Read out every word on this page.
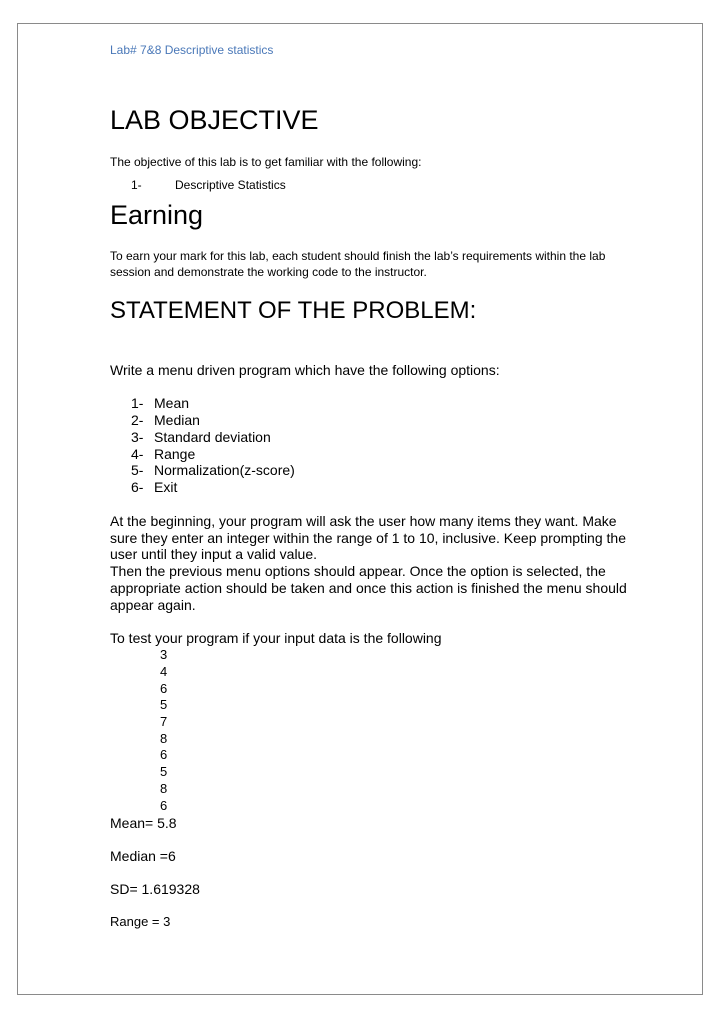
Lab# 7&8 Descriptive statistics
LAB OBJECTIVE
The objective of this lab is to get familiar with the following:
1-	Descriptive Statistics
Earning
To earn your mark for this lab, each student should finish the lab’s requirements within the lab
session and demonstrate the working code to the instructor.
STATEMENT OF THE PROBLEM:
Write a menu driven program which have the following options:
1- Mean
2- Median
3- Standard deviation
4- Range
5- Normalization(z-score)
6- Exit
At the beginning, your program will ask the user how many items they want. Make
sure they enter an integer within the range of 1 to 10, inclusive. Keep prompting the
user until they input a valid value.
Then the previous menu options should appear. Once the option is selected, the
appropriate action should be taken and once this action is finished the menu should
appear again.
To test your program if your input data is the following
3
4
6
5
7
8
6
5
8
6
Mean= 5.8
Median =6
SD= 1.619328
Range = 3
